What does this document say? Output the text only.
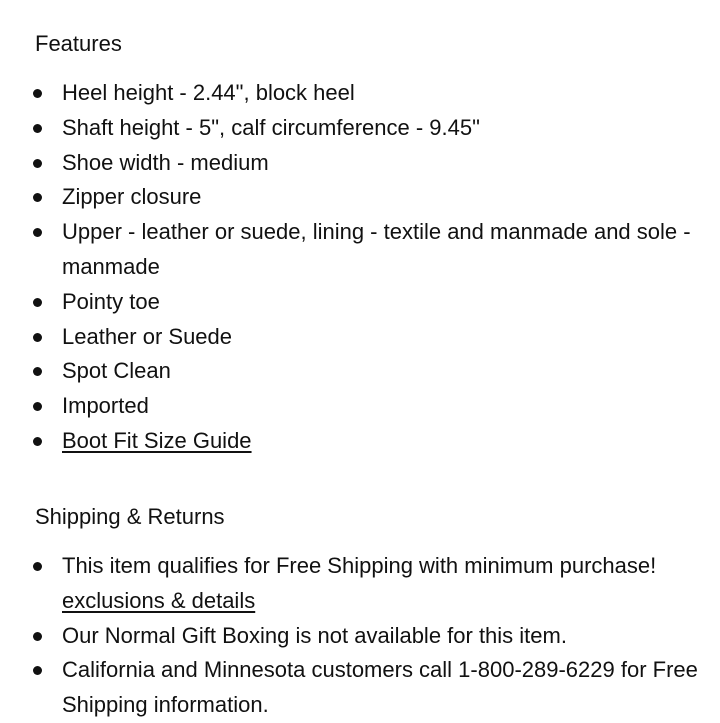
Features
Heel height - 2.44", block heel
Shaft height - 5", calf circumference - 9.45"
Shoe width - medium
Zipper closure
Upper - leather or suede, lining - textile and manmade and sole - manmade
Pointy toe
Leather or Suede
Spot Clean
Imported
Boot Fit Size Guide
Shipping & Returns
This item qualifies for Free Shipping with minimum purchase! exclusions & details
Our Normal Gift Boxing is not available for this item.
California and Minnesota customers call 1-800-289-6229 for Free Shipping information.
